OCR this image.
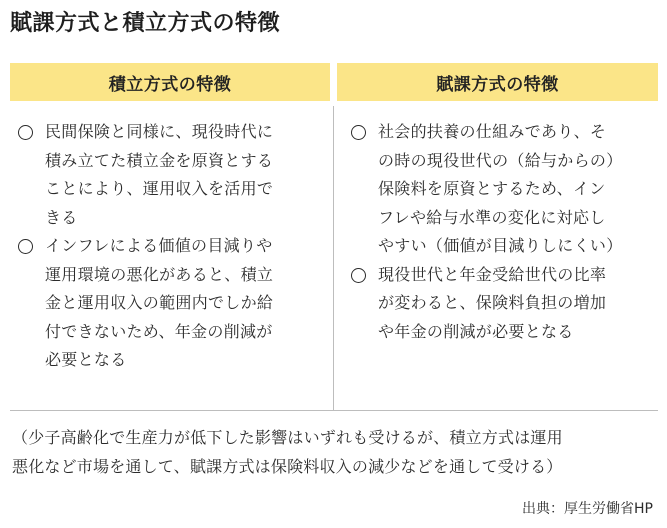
賦課方式と積立方式の特徴
積立方式の特徴	賦課方式の特徴
民間保険と同様に、現役時代に
積み立てた積立金を原資とする
ことにより、運用収入を活用で
きる
インフレによる価値の目減りや
運用環境の悪化があると、積立
金と運用収入の範囲内でしか給
付できないため、年金の削減が
必要となる
社会的扶養の仕組みであり、そ
の時の現役世代の（給与からの）
保険料を原資とするため、イン
フレや給与水準の変化に対応し
やすい（価値が目減りしにくい）
現役世代と年金受給世代の比率
が変わると、保険料負担の増加
や年金の削減が必要となる
（少子高齢化で生産力が低下した影響はいずれも受けるが、積立方式は運用
悪化など市場を通して、賦課方式は保険料収入の減少などを通して受ける）
出典：厚生労働省HP
